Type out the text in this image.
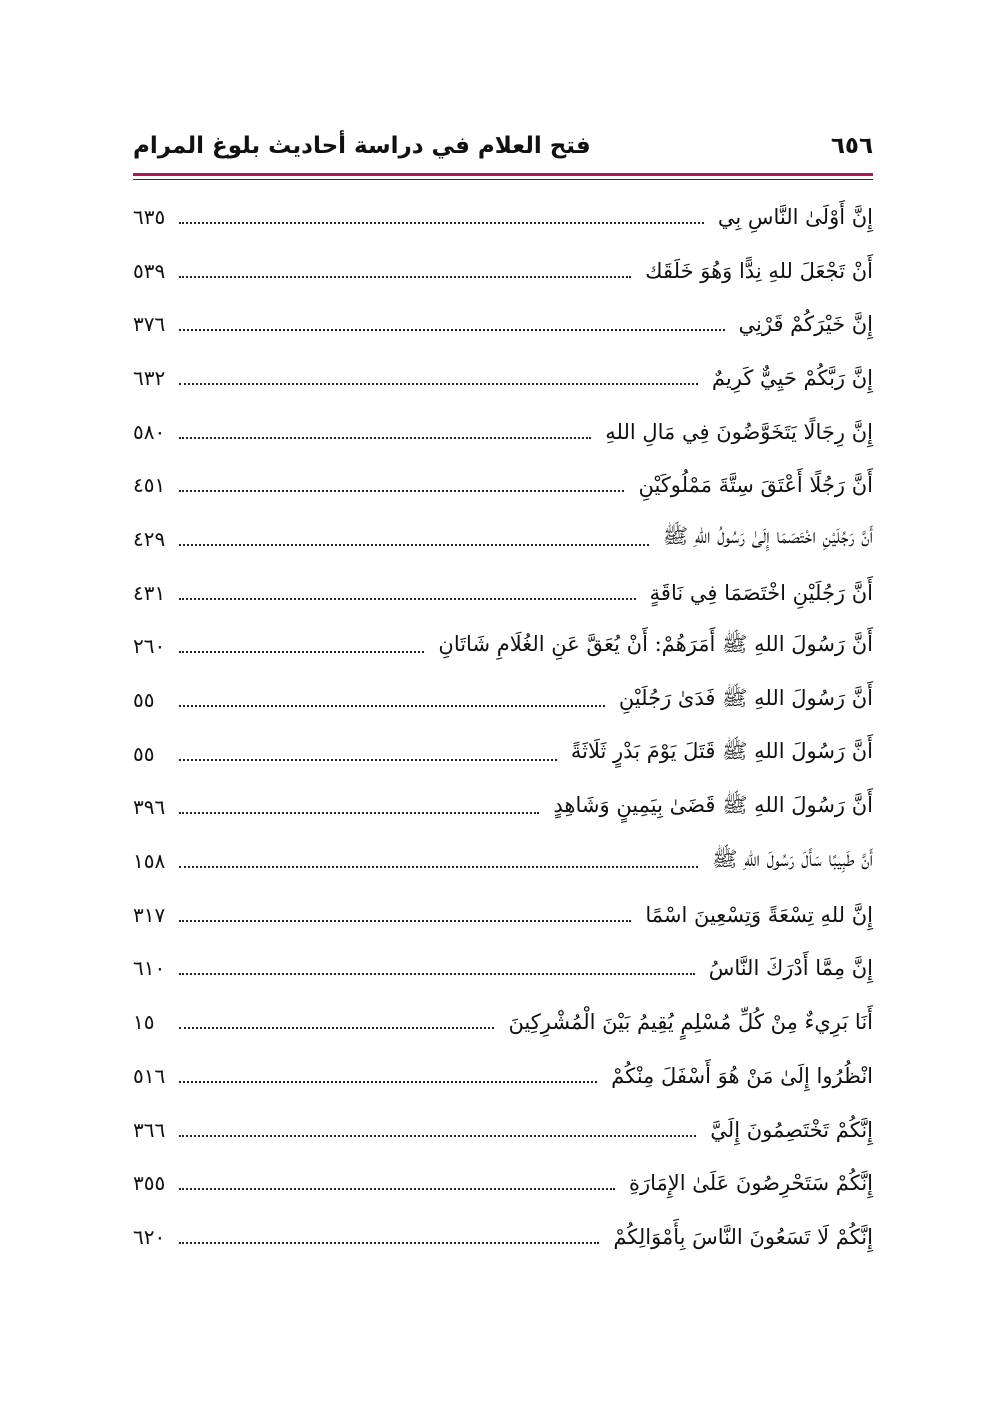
فتح العلام في دراسة أحاديث بلوغ المرام	٦٥٦
إِنَّ أَوْلَىٰ النَّاسِ بِي
٦٣٥
أَنْ تَجْعَلَ للهِ نِدًّا وَهُوَ خَلَقَك
٥٣٩
إِنَّ خَيْرَكُمْ قَرْنِي
٣٧٦
إِنَّ رَبَّكُمْ حَيِيٌّ كَرِيمٌ
٦٣٢
إِنَّ رِجَالًا يَتَخَوَّضُونَ فِي مَالِ اللهِ
٥٨٠
أَنَّ رَجُلًا أَعْتَقَ سِتَّةَ مَمْلُوكَيْنِ
٤٥١
أَنَّ رَجُلَيْنِ اخْتَصَمَا إِلَىٰ رَسُولُ اللهِ ﷺ
٤٢٩
أَنَّ رَجُلَيْنِ اخْتَصَمَا فِي نَاقَةٍ
٤٣١
أَنَّ رَسُولَ اللهِ ﷺ أَمَرَهُمْ: أَنْ يُعَقَّ عَنِ الغُلَامِ شَاتَانِ
٢٦٠
أَنَّ رَسُولَ اللهِ ﷺ فَدَىٰ رَجُلَيْنِ
٥٥
أَنَّ رَسُولَ اللهِ ﷺ قَتَلَ يَوْمَ بَدْرٍ ثَلَاثَةً
٥٥
أَنَّ رَسُولَ اللهِ ﷺ قَضَىٰ بِيَمِينٍ وَشَاهِدٍ
٣٩٦
أَنَّ طَبِيبًا سَأَلَ رَسُولَ اللهِ ﷺ
١٥٨
إِنَّ للهِ تِسْعَةً وَتِسْعِينَ اسْمًا
٣١٧
إِنَّ مِمَّا أَدْرَكَ النَّاسُ
٦١٠
أَنَا بَرِيءٌ مِنْ كُلِّ مُسْلِمٍ يُقِيمُ بَيْنَ الْمُشْرِكِينَ
١٥
انْظُرُوا إِلَىٰ مَنْ هُوَ أَسْفَلَ مِنْكُمْ
٥١٦
إِنَّكُمْ تَخْتَصِمُونَ إِلَيَّ
٣٦٦
إِنَّكُمْ سَتَحْرِصُونَ عَلَىٰ الإِمَارَةِ
٣٥٥
إِنَّكُمْ لَا تَسَعُونَ النَّاسَ بِأَمْوَالِكُمْ
٦٢٠
